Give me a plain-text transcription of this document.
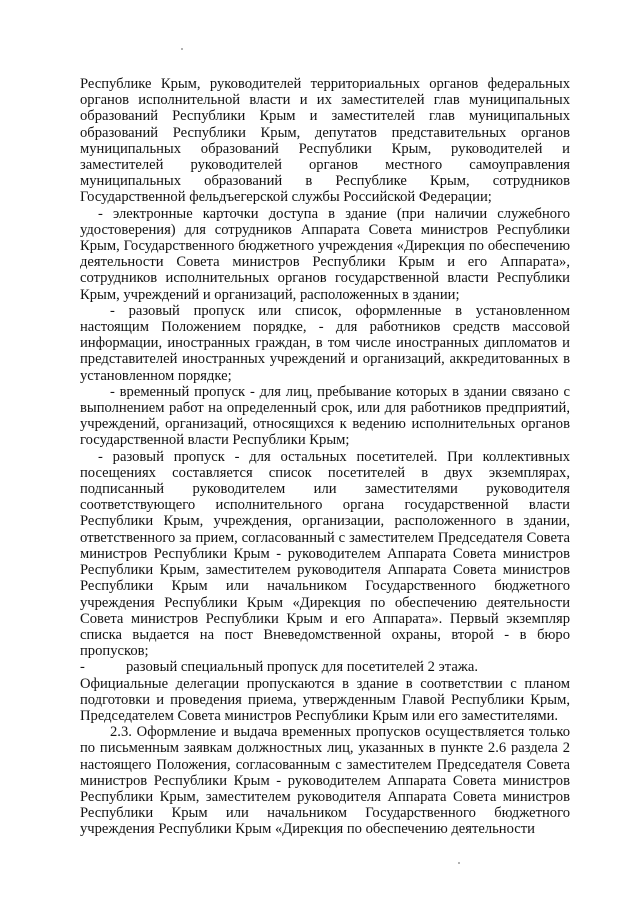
Республике Крым, руководителей территориальных органов федеральных органов исполнительной власти и их заместителей глав муниципальных образований Республики Крым и заместителей глав муниципальных образований Республики Крым, депутатов представительных органов муниципальных образований Республики Крым, руководителей и заместителей руководителей органов местного самоуправления муниципальных образований в Республике Крым, сотрудников Государственной фельдъегерской службы Российской Федерации;

- электронные карточки доступа в здание (при наличии служебного удостоверения) для сотрудников Аппарата Совета министров Республики Крым, Государственного бюджетного учреждения «Дирекция по обеспечению деятельности Совета министров Республики Крым и его Аппарата», сотрудников исполнительных органов государственной власти Республики Крым, учреждений и организаций, расположенных в здании;

- разовый пропуск или список, оформленные в установленном настоящим Положением порядке, - для работников средств массовой информации, иностранных граждан, в том числе иностранных дипломатов и представителей иностранных учреждений и организаций, аккредитованных в установленном порядке;

- временный пропуск - для лиц, пребывание которых в здании связано с выполнением работ на определенный срок, или для работников предприятий, учреждений, организаций, относящихся к ведению исполнительных органов государственной власти Республики Крым;

- разовый пропуск - для остальных посетителей. При коллективных посещениях составляется список посетителей в двух экземплярах, подписанный руководителем или заместителями руководителя соответствующего исполнительного органа государственной власти Республики Крым, учреждения, организации, расположенного в здании, ответственного за прием, согласованный с заместителем Председателя Совета министров Республики Крым - руководителем Аппарата Совета министров Республики Крым, заместителем руководителя Аппарата Совета министров Республики Крым или начальником Государственного бюджетного учреждения Республики Крым «Дирекция по обеспечению деятельности Совета министров Республики Крым и его Аппарата». Первый экземпляр списка выдается на пост Вневедомственной охраны, второй - в бюро пропусков;

-	разовый специальный пропуск для посетителей 2 этажа.

Официальные делегации пропускаются в здание в соответствии с планом подготовки и проведения приема, утвержденным Главой Республики Крым, Председателем Совета министров Республики Крым или его заместителями.

2.3. Оформление и выдача временных пропусков осуществляется только по письменным заявкам должностных лиц, указанных в пункте 2.6 раздела 2 настоящего Положения, согласованным с заместителем Председателя Совета министров Республики Крым - руководителем Аппарата Совета министров Республики Крым, заместителем руководителя Аппарата Совета министров Республики Крым или начальником Государственного бюджетного учреждения Республики Крым «Дирекция по обеспечению деятельности
